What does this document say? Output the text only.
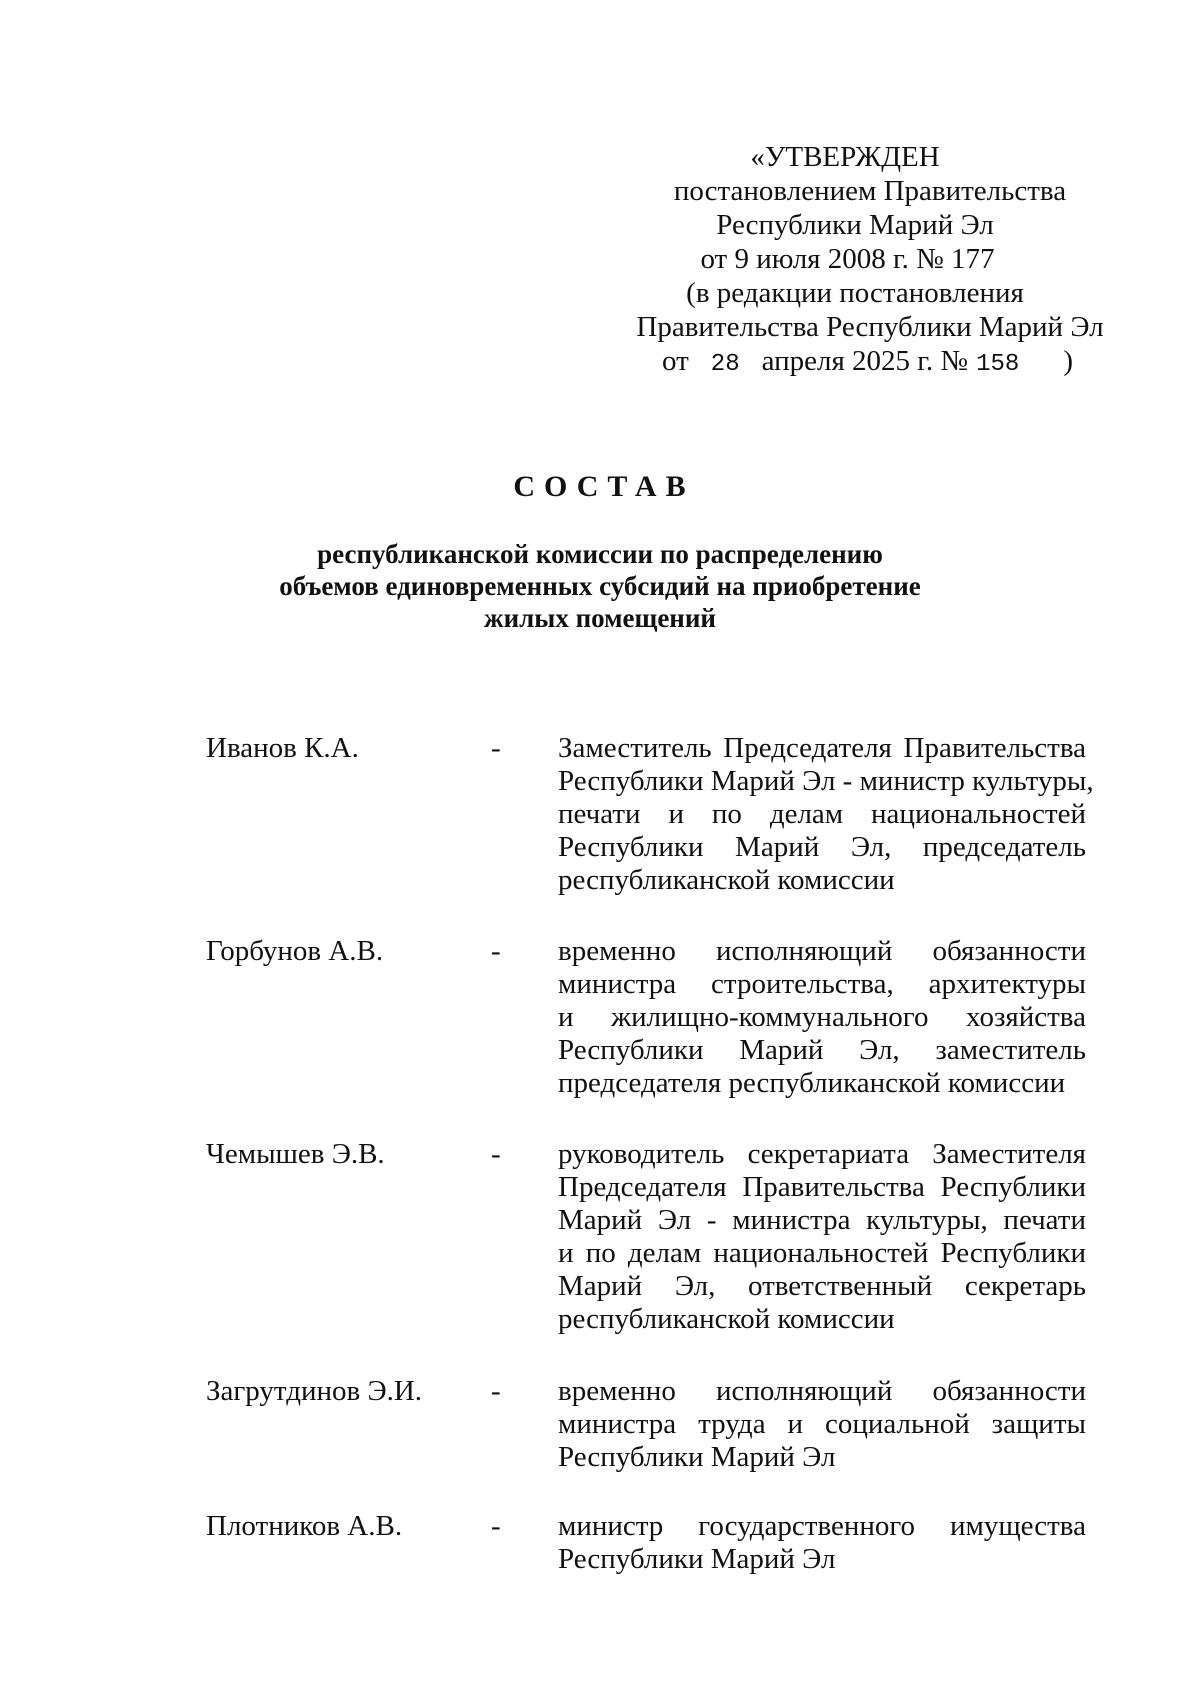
«УТВЕРЖДЕН
постановлением Правительства
Республики Марий Эл
от 9 июля 2008 г. № 177
(в редакции постановления
Правительства Республики Марий Эл
от 28 апреля 2025 г. № 158 )
СОСТАВ
республиканской комиссии по распределению
объемов единовременных субсидий на приобретение
жилых помещений
Иванов К.А.	- Заместитель Председателя Правительства
Республики Марий Эл - министр культуры,
печати и по делам национальностей
Республики Марий Эл, председатель
республиканской комиссии
Горбунов А.В.	- временно исполняющий обязанности
министра строительства, архитектуры
и жилищно-коммунального хозяйства
Республики Марий Эл, заместитель
председателя республиканской комиссии
Чемышев Э.В.	- руководитель секретариата Заместителя
Председателя Правительства Республики
Марий Эл - министра культуры, печати
и по делам национальностей Республики
Марий Эл, ответственный секретарь
республиканской комиссии
Загрутдинов Э.И. - временно исполняющий обязанности
министра труда и социальной защиты
Республики Марий Эл
Плотников А.В.	- министр государственного имущества
Республики Марий Эл
